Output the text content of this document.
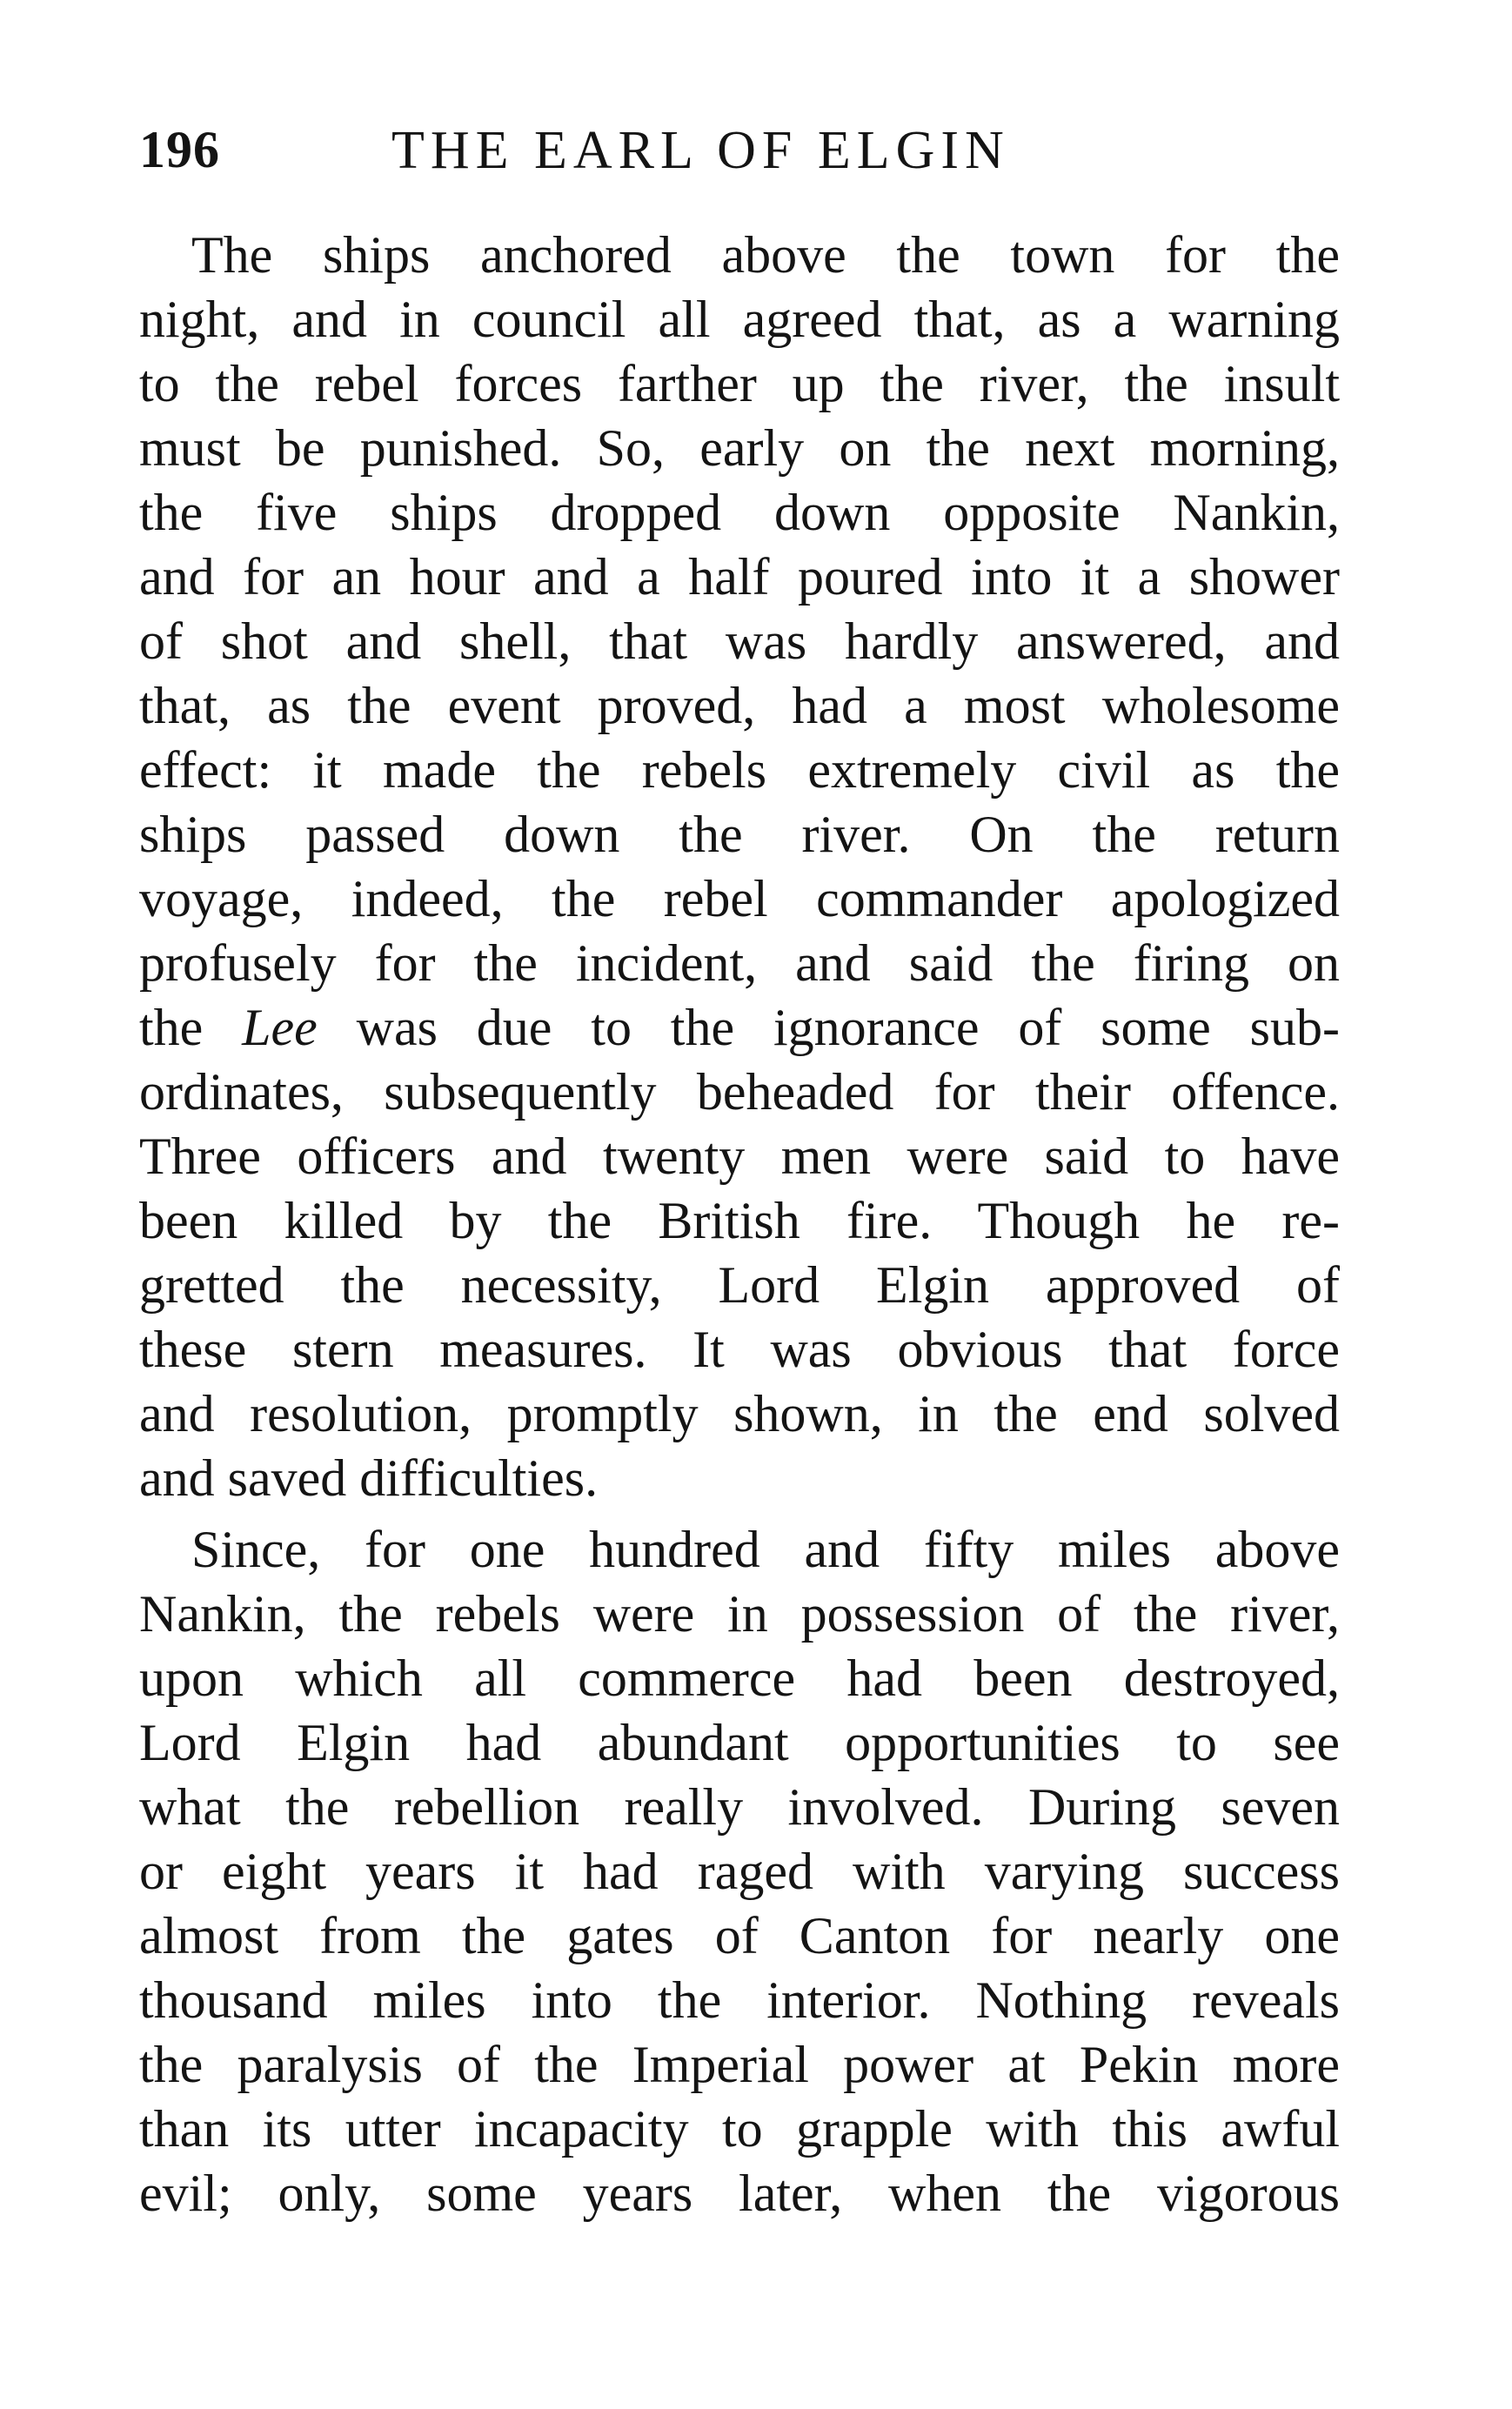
196	THE EARL OF ELGIN
 The ships anchored above the town for the
night, and in council all agreed that, as a warning
to the rebel forces farther up the river, the insult
must be punished. So, early on the next morning,
the five ships dropped down opposite Nankin,
and for an hour and a half poured into it a shower
of shot and shell, that was hardly answered, and
that, as the event proved, had a most wholesome
effect: it made the rebels extremely civil as the
ships passed down the river. On the return
voyage, indeed, the rebel commander apologized
profusely for the incident, and said the firing on
the Lee was due to the ignorance of some sub-
ordinates, subsequently beheaded for their offence.
Three officers and twenty men were said to have
been killed by the British fire. Though he re-
gretted the necessity, Lord Elgin approved of
these stern measures. It was obvious that force
and resolution, promptly shown, in the end solved
and saved difficulties.
 Since, for one hundred and fifty miles above
Nankin, the rebels were in possession of the river,
upon which all commerce had been destroyed,
Lord Elgin had abundant opportunities to see
what the rebellion really involved. During seven
or eight years it had raged with varying success
almost from the gates of Canton for nearly one
thousand miles into the interior. Nothing reveals
the paralysis of the Imperial power at Pekin more
than its utter incapacity to grapple with this awful
evil; only, some years later, when the vigorous
